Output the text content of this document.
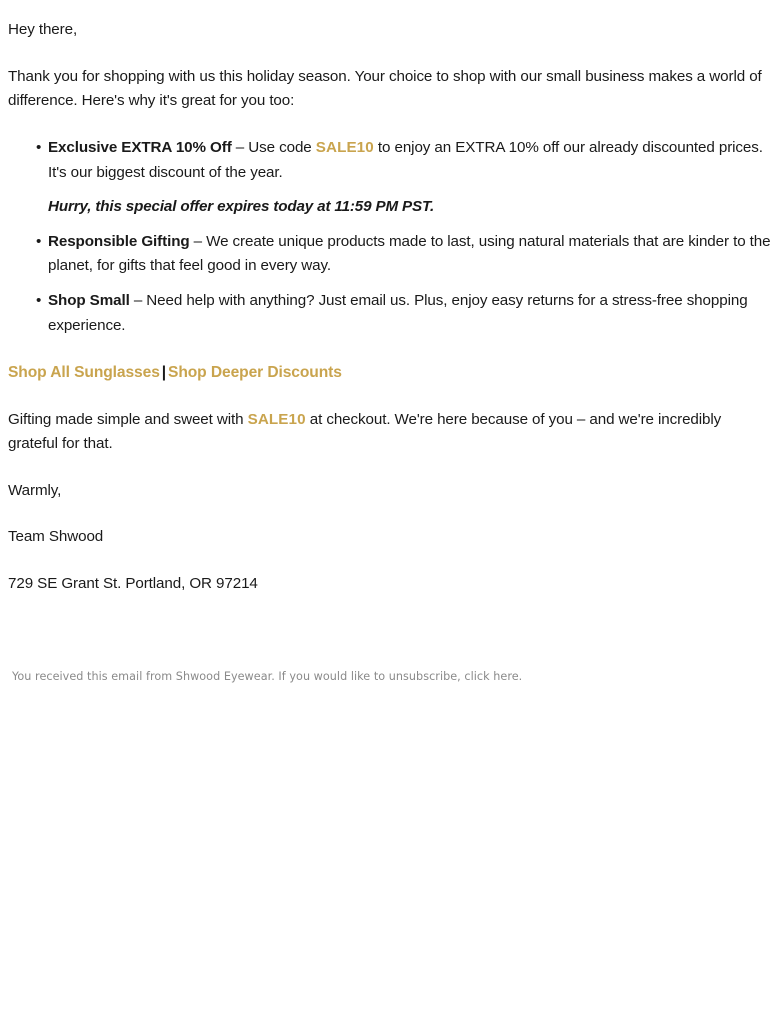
Hey there,

Thank you for shopping with us this holiday season. Your choice to shop with our small business makes a world of difference. Here's why it's great for you too:

• Exclusive EXTRA 10% Off – Use code SALE10 to enjoy an EXTRA 10% off our already discounted prices. It's our biggest discount of the year.
Hurry, this special offer expires today at 11:59 PM PST.
• Responsible Gifting – We create unique products made to last, using natural materials that are kinder to the planet, for gifts that feel good in every way.
• Shop Small – Need help with anything? Just email us. Plus, enjoy easy returns for a stress-free shopping experience.

Shop All Sunglasses | Shop Deeper Discounts

Gifting made simple and sweet with SALE10 at checkout. We're here because of you – and we're incredibly grateful for that.

Warmly,

Team Shwood

729 SE Grant St. Portland, OR 97214

You received this email from Shwood Eyewear. If you would like to unsubscribe, click here.
